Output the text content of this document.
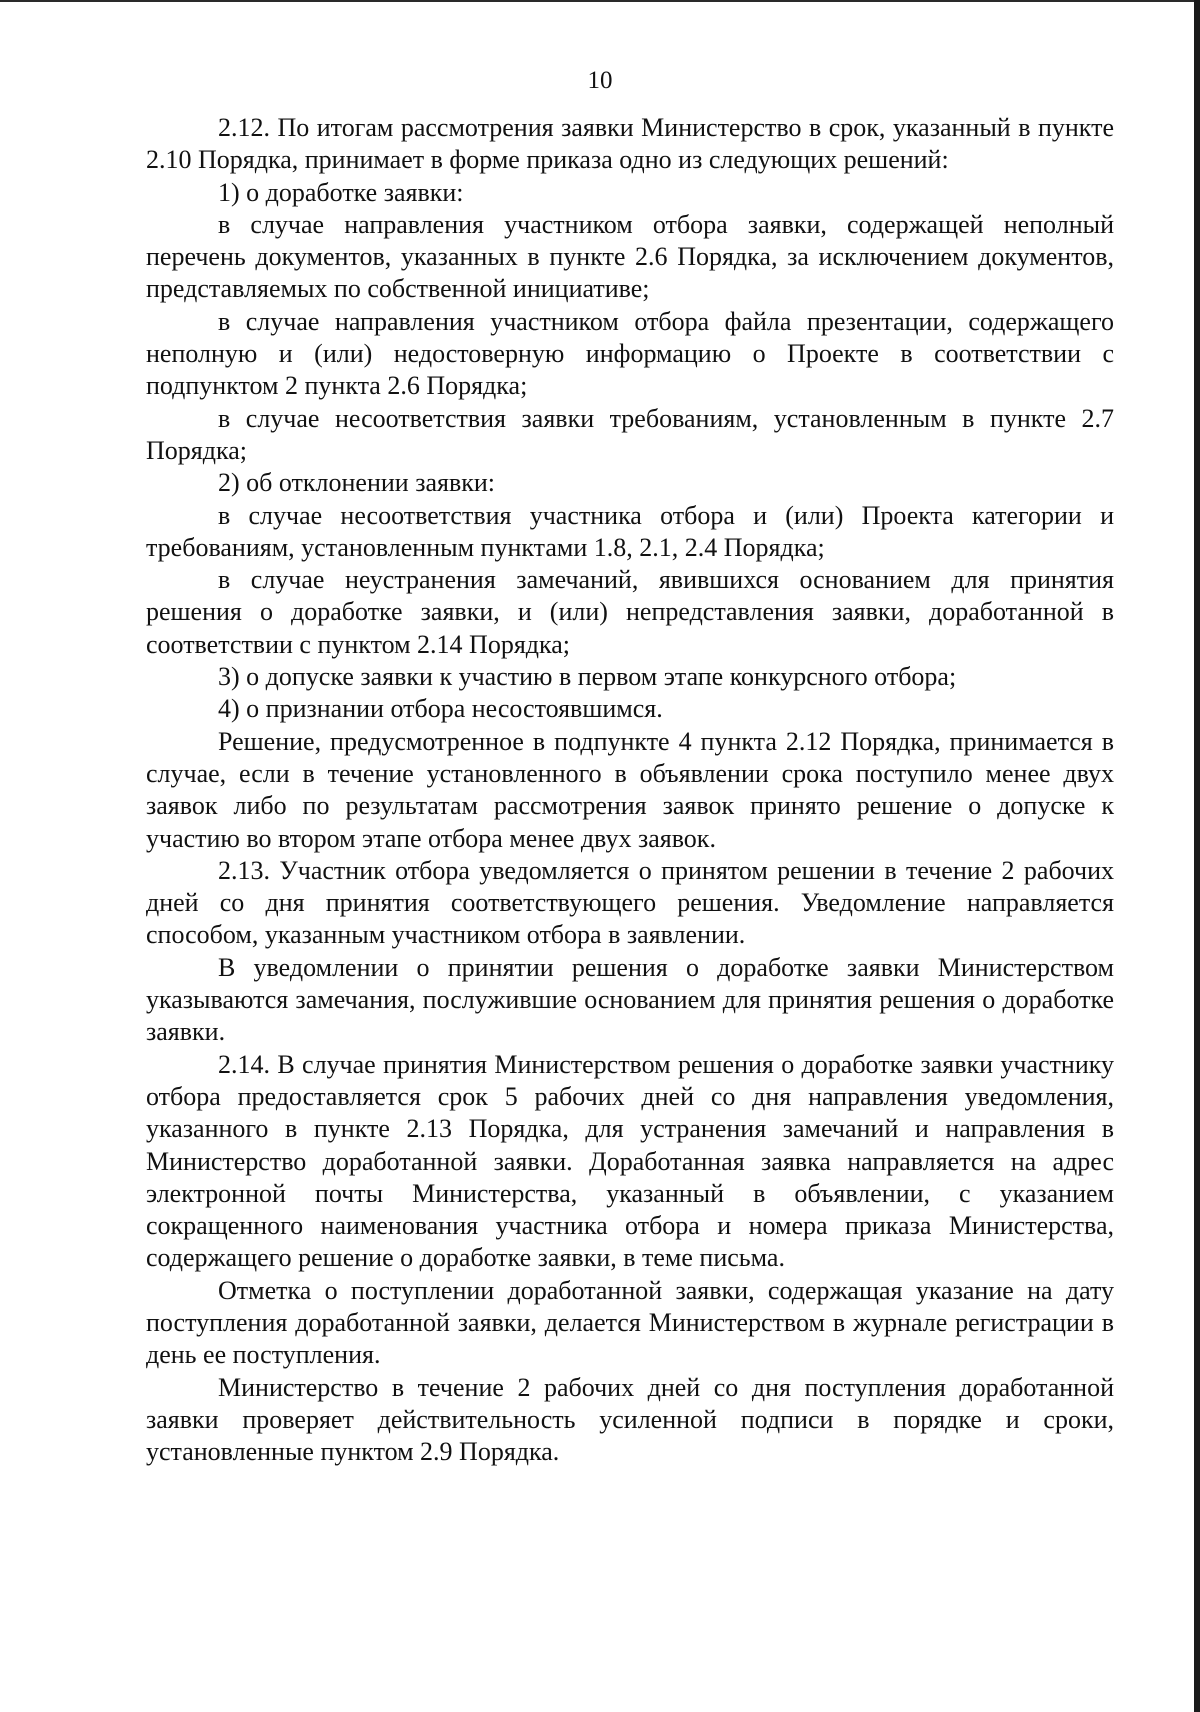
10

2.12. По итогам рассмотрения заявки Министерство в срок, указанный в пункте 2.10 Порядка, принимает в форме приказа одно из следующих решений:

1) о доработке заявки:

в случае направления участником отбора заявки, содержащей неполный перечень документов, указанных в пункте 2.6 Порядка, за исключением документов, представляемых по собственной инициативе;

в случае направления участником отбора файла презентации, содержащего неполную и (или) недостоверную информацию о Проекте в соответствии с подпунктом 2 пункта 2.6 Порядка;

в случае несоответствия заявки требованиям, установленным в пункте 2.7 Порядка;

2) об отклонении заявки:

в случае несоответствия участника отбора и (или) Проекта категории и требованиям, установленным пунктами 1.8, 2.1, 2.4 Порядка;

в случае неустранения замечаний, явившихся основанием для принятия решения о доработке заявки, и (или) непредставления заявки, доработанной в соответствии с пунктом 2.14 Порядка;

3) о допуске заявки к участию в первом этапе конкурсного отбора;

4) о признании отбора несостоявшимся.

Решение, предусмотренное в подпункте 4 пункта 2.12 Порядка, принимается в случае, если в течение установленного в объявлении срока поступило менее двух заявок либо по результатам рассмотрения заявок принято решение о допуске к участию во втором этапе отбора менее двух заявок.

2.13. Участник отбора уведомляется о принятом решении в течение 2 рабочих дней со дня принятия соответствующего решения. Уведомление направляется способом, указанным участником отбора в заявлении.

В уведомлении о принятии решения о доработке заявки Министерством указываются замечания, послужившие основанием для принятия решения о доработке заявки.

2.14. В случае принятия Министерством решения о доработке заявки участнику отбора предоставляется срок 5 рабочих дней со дня направления уведомления, указанного в пункте 2.13 Порядка, для устранения замечаний и направления в Министерство доработанной заявки. Доработанная заявка направляется на адрес электронной почты Министерства, указанный в объявлении, с указанием сокращенного наименования участника отбора и номера приказа Министерства, содержащего решение о доработке заявки, в теме письма.

Отметка о поступлении доработанной заявки, содержащая указание на дату поступления доработанной заявки, делается Министерством в журнале регистрации в день ее поступления.

Министерство в течение 2 рабочих дней со дня поступления доработанной заявки проверяет действительность усиленной подписи в порядке и сроки, установленные пунктом 2.9 Порядка.
